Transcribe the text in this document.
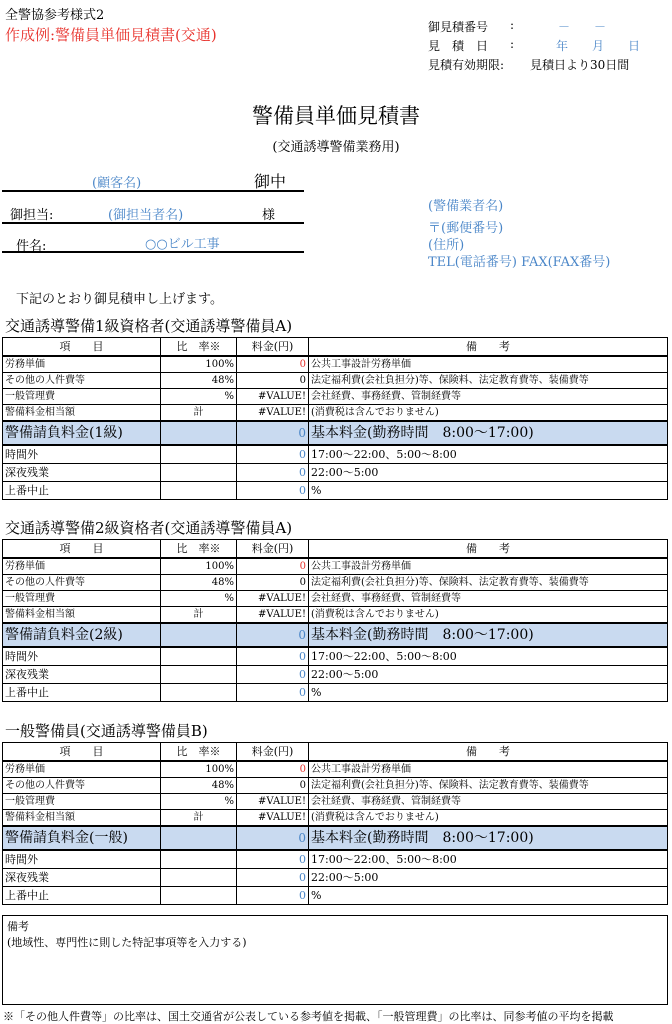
全警協参考様式2
作成例:警備員単価見積書(交通)	御見積番号 :	－　　－
見　積　日 :	年　　月　　日
見積有効期限: 見積日より30日間
警備員単価見積書
(交通誘導警備業務用)
(顧客名)	御中
御担当:	(御担当者名)	様
件名:	○○ビル工事
(警備業者名)
〒(郵便番号)
(住所)
TEL(電話番号) FAX(FAX番号)
下記のとおり御見積申し上げます。
交通誘導警備1級資格者(交通誘導警備員A)
項　　目	比　率※	料金(円)	備　　考
労務単価	100%	0	公共工事設計労務単価
その他の人件費等	48%	0	法定福利費(会社負担分)等、保険料、法定教育費等、装備費等
一般管理費	%	#VALUE!	会社経費、事務経費、管制経費等
警備料金相当額	計	#VALUE!	(消費税は含んでおりません)
警備請負料金(1級)		0	基本料金(勤務時間　8:00～17:00)
時間外		0	17:00～22:00、5:00～8:00
深夜残業		0	22:00～5:00
上番中止		0	%
交通誘導警備2級資格者(交通誘導警備員A)
項　　目	比　率※	料金(円)	備　　考
労務単価	100%	0	公共工事設計労務単価
その他の人件費等	48%	0	法定福利費(会社負担分)等、保険料、法定教育費等、装備費等
一般管理費	%	#VALUE!	会社経費、事務経費、管制経費等
警備料金相当額	計	#VALUE!	(消費税は含んでおりません)
警備請負料金(2級)		0	基本料金(勤務時間　8:00～17:00)
時間外		0	17:00～22:00、5:00～8:00
深夜残業		0	22:00～5:00
上番中止		0	%
一般警備員(交通誘導警備員B)
項　　目	比　率※	料金(円)	備　　考
労務単価	100%	0	公共工事設計労務単価
その他の人件費等	48%	0	法定福利費(会社負担分)等、保険料、法定教育費等、装備費等
一般管理費	%	#VALUE!	会社経費、事務経費、管制経費等
警備料金相当額	計	#VALUE!	(消費税は含んでおりません)
警備請負料金(一般)		0	基本料金(勤務時間　8:00～17:00)
時間外		0	17:00～22:00、5:00～8:00
深夜残業		0	22:00～5:00
上番中止		0	%
備考
(地域性、専門性に則した特記事項等を入力する)
※「その他人件費等」の比率は、国土交通省が公表している参考値を掲載、「一般管理費」の比率は、同参考値の平均を掲載
